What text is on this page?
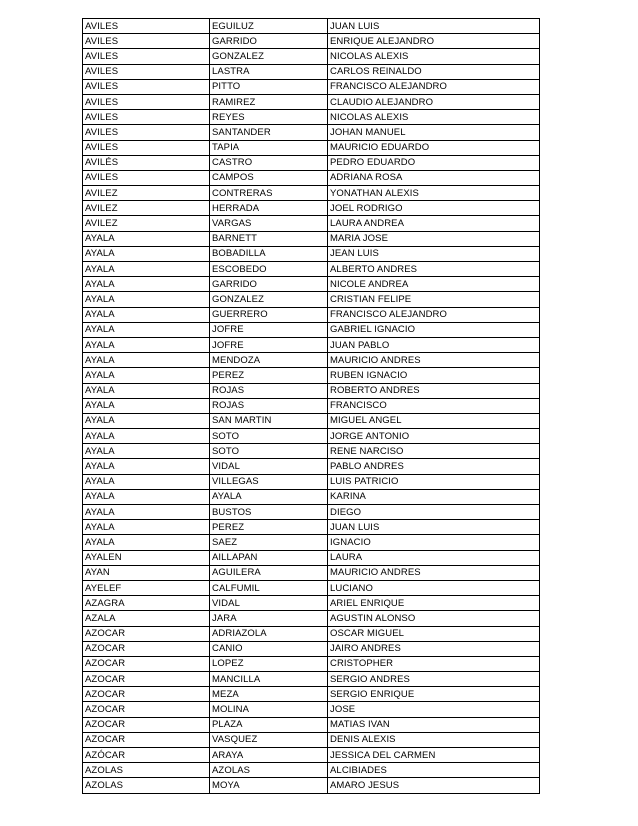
AVILES	EGUILUZ	JUAN LUIS
AVILES	GARRIDO	ENRIQUE ALEJANDRO
AVILES	GONZALEZ	NICOLAS ALEXIS
AVILES	LASTRA	CARLOS REINALDO
AVILES	PITTO	FRANCISCO ALEJANDRO
AVILES	RAMIREZ	CLAUDIO ALEJANDRO
AVILES	REYES	NICOLAS ALEXIS
AVILES	SANTANDER	JOHAN MANUEL
AVILES	TAPIA	MAURICIO EDUARDO
AVILÉS	CASTRO	PEDRO EDUARDO
AVILES	CAMPOS	ADRIANA ROSA
AVILEZ	CONTRERAS	YONATHAN ALEXIS
AVILEZ	HERRADA	JOEL RODRIGO
AVILEZ	VARGAS	LAURA ANDREA
AYALA	BARNETT	MARIA JOSE
AYALA	BOBADILLA	JEAN LUIS
AYALA	ESCOBEDO	ALBERTO ANDRES
AYALA	GARRIDO	NICOLE ANDREA
AYALA	GONZALEZ	CRISTIAN FELIPE
AYALA	GUERRERO	FRANCISCO ALEJANDRO
AYALA	JOFRE	GABRIEL IGNACIO
AYALA	JOFRE	JUAN PABLO
AYALA	MENDOZA	MAURICIO ANDRES
AYALA	PEREZ	RUBEN IGNACIO
AYALA	ROJAS	ROBERTO ANDRES
AYALA	ROJAS	FRANCISCO
AYALA	SAN MARTIN	MIGUEL ANGEL
AYALA	SOTO	JORGE ANTONIO
AYALA	SOTO	RENE NARCISO
AYALA	VIDAL	PABLO ANDRES
AYALA	VILLEGAS	LUIS PATRICIO
AYALA	AYALA	KARINA
AYALA	BUSTOS	DIEGO
AYALA	PEREZ	JUAN LUIS
AYALA	SAEZ	IGNACIO
AYALEN	AILLAPAN	LAURA
AYAN	AGUILERA	MAURICIO ANDRES
AYELEF	CALFUMIL	LUCIANO
AZAGRA	VIDAL	ARIEL ENRIQUE
AZALA	JARA	AGUSTIN ALONSO
AZOCAR	ADRIAZOLA	OSCAR MIGUEL
AZOCAR	CANIO	JAIRO ANDRES
AZOCAR	LOPEZ	CRISTOPHER
AZOCAR	MANCILLA	SERGIO ANDRES
AZOCAR	MEZA	SERGIO ENRIQUE
AZOCAR	MOLINA	JOSE
AZOCAR	PLAZA	MATIAS IVAN
AZOCAR	VASQUEZ	DENIS ALEXIS
AZÓCAR	ARAYA	JESSICA DEL CARMEN
AZOLAS	AZOLAS	ALCIBIADES
AZOLAS	MOYA	AMARO JESUS
